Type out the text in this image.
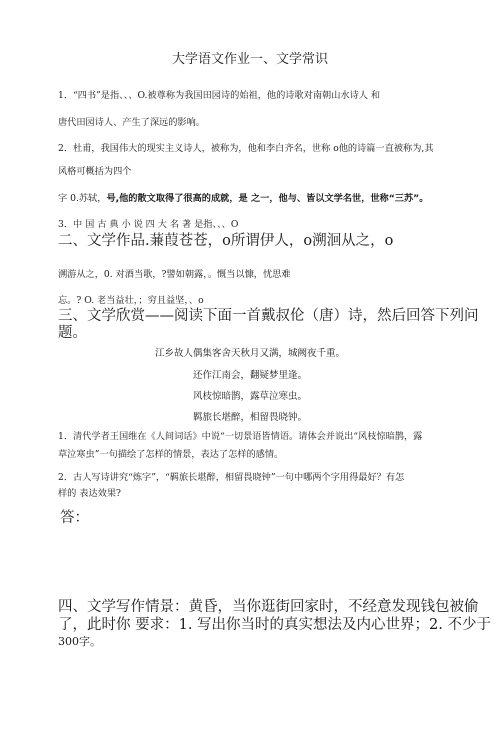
大学语文作业一、文学常识
1．“四书”是指、、、O.被尊称为我国田园诗的始祖，他的诗歌对南朝山水诗人 和
唐代田园诗人、产生了深远的影响。
2．杜甫，我国伟大的现实主义诗人，被称为，他和李白齐名，世称 o他的诗篇一直被称为,其
风格可概括为四个
字 0.苏轼，号,他的散文取得了很高的成就，是 之一，他与、皆以文学名世，世称“三苏”。
3．中 国 古 典 小 说 四 大 名 著 是指、、、O
二、文学作品.蒹葭苍苍，o所谓伊人，o溯洄从之，o
溯游从之，0. 对酒当歌，?譬如朝露，。慨当以慷，忧思难
忘。? O. 老当益壮，；穷且益坚，、o
三、文学欣赏——阅读下面一首戴叔伦（唐）诗，然后回答下列问
题。
江乡故人偶集客舍天秋月又满，城阙夜千重。
还作江南会，翻疑梦里逢。
风枝惊暗鹊，露草泣寒虫。
羁旅长堪醉，相留畏晓钟。
1．清代学者王国维在《人间词话》中说“一切景语皆情语。请体会并说出“风枝惊暗鹊，露
草泣寒虫”一句描绘了怎样的情景，表达了怎样的感情。
2．古人写诗讲究“炼字”，“羁旅长堪醉，相留畏晓钟”一句中哪两个字用得最好？有怎
样的 表达效果?
答：
四、文学写作情景：黄昏，当你逛街回家时，不经意发现钱包被偷
了，此时你 要求：1. 写出你当时的真实想法及内心世界；2. 不少于
300字。
